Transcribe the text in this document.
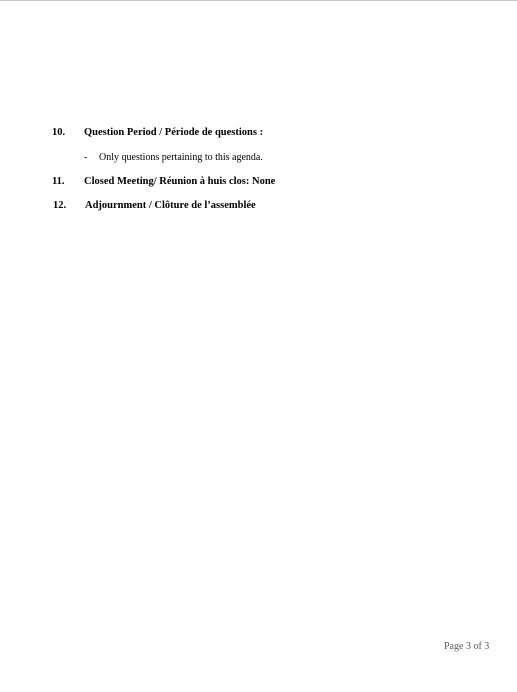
10. Question Period / Période de questions :
- Only questions pertaining to this agenda.
11. Closed Meeting/ Réunion à huis clos: None
12. Adjournment / Clôture de l’assemblée
Page 3 of 3
